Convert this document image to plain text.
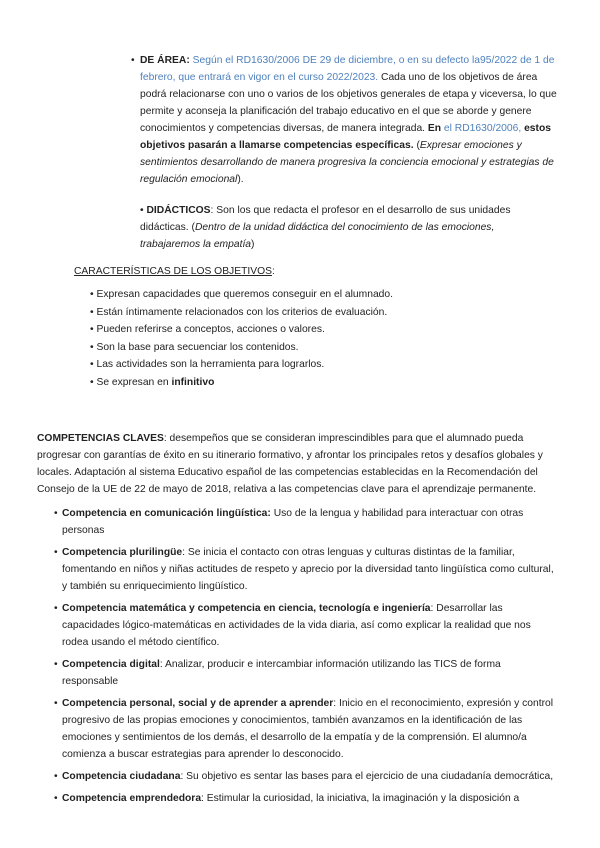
• DE ÁREA: Según el RD1630/2006 DE 29 de diciembre, o en su defecto la95/2022 de 1 de febrero, que entrará en vigor en el curso 2022/2023. Cada uno de los objetivos de área podrá relacionarse con uno o varios de los objetivos generales de etapa y viceversa, lo que permite y aconseja la planificación del trabajo educativo en el que se aborde y genere conocimientos y competencias diversas, de manera integrada. En el RD1630/2006, estos objetivos pasarán a llamarse competencias específicas. (Expresar emociones y sentimientos desarrollando de manera progresiva la conciencia emocional y estrategias de regulación emocional).
• DIDÁCTICOS: Son los que redacta el profesor en el desarrollo de sus unidades didácticas. (Dentro de la unidad didáctica del conocimiento de las emociones, trabajaremos la empatía)
CARACTERÍSTICAS DE LOS OBJETIVOS:
• Expresan capacidades que queremos conseguir en el alumnado.
• Están íntimamente relacionados con los criterios de evaluación.
• Pueden referirse a conceptos, acciones o valores.
• Son la base para secuenciar los contenidos.
• Las actividades son la herramienta para lograrlos.
• Se expresan en infinitivo
COMPETENCIAS CLAVES: desempeños que se consideran imprescindibles para que el alumnado pueda progresar con garantías de éxito en su itinerario formativo, y afrontar los principales retos y desafíos globales y locales. Adaptación al sistema Educativo español de las competencias establecidas en la Recomendación del Consejo de la UE de 22 de mayo de 2018, relativa a las competencias clave para el aprendizaje permanente.
• Competencia en comunicación lingüística: Uso de la lengua y habilidad para interactuar con otras personas
• Competencia plurilingüe: Se inicia el contacto con otras lenguas y culturas distintas de la familiar, fomentando en niños y niñas actitudes de respeto y aprecio por la diversidad tanto lingüística como cultural, y también su enriquecimiento lingüístico.
• Competencia matemática y competencia en ciencia, tecnología e ingeniería: Desarrollar las capacidades lógico-matemáticas en actividades de la vida diaria, así como explicar la realidad que nos rodea usando el método científico.
• Competencia digital: Analizar, producir e intercambiar información utilizando las TICS de forma responsable
• Competencia personal, social y de aprender a aprender: Inicio en el reconocimiento, expresión y control progresivo de las propias emociones y conocimientos, también avanzamos en la identificación de las emociones y sentimientos de los demás, el desarrollo de la empatía y de la comprensión. El alumno/a comienza a buscar estrategias para aprender lo desconocido.
• Competencia ciudadana: Su objetivo es sentar las bases para el ejercicio de una ciudadanía democrática,
• Competencia emprendedora: Estimular la curiosidad, la iniciativa, la imaginación y la disposición a
